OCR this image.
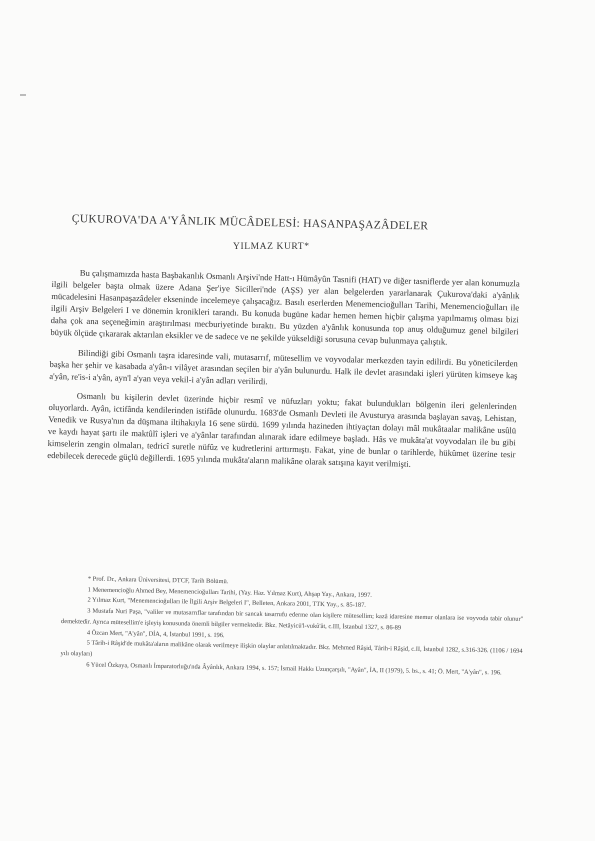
ÇUKUROVA'DA A'YÂNLIK MÜCÂDELESİ: HASANPAŞAZÂDELER
YILMAZ KURT*

Bu çalışmamızda hasta Başbakanlık Osmanlı Arşivi'nde Hatt-ı Hümâyûn Tasnifi (HAT) ve diğer tasniflerde yer alan konumuzla ilgili belgeler başta olmak üzere Adana Şer'iye Sicilleri'nde (AŞS) yer alan belgelerden yararlanarak Çukurova'daki a'yânlık mücadelesini Hasanpaşazâdeler ekseninde incelemeye çalışacağız. Basılı eserlerden Menemencioğulları Tarihi, Menemencioğulları ile ilgili Arşiv Belgeleri I ve dönemin kronikleri tarandı. Bu konuda bugüne kadar hemen hemen hiçbir çalışma yapılmamış olması bizi daha çok ana seçeneğimin araştırılması mecburiyetinde bıraktı. Bu yüzden a'yânlık konusunda top anuş olduğumuz genel bilgileri büyük ölçüde çıkararak aktarılan eksikler ve de sadece ve ne şekilde yükseldiği sorusuna cevap bulunmaya çalıştık.

Bilindiği gibi Osmanlı taşra idaresinde vali, mutasarrıf, mütesellim ve voyvodalar merkezden tayin edilirdi. Bu yöneticilerden başka her şehir ve kasabada a'yân-ı vilâyet arasından seçilen bir a'yân bulunurdu. Halk ile devlet arasındaki işleri yürüten kimseye kaş a'yân, re'is-i a'yân, ayn'l a'yan veya vekil-i a'yân adları verilirdi.

Osmanlı bu kişilerin devlet üzerinde hiçbir resmî ve nüfuzları yoktu; fakat bulundukları bölgenin ileri gelenlerinden oluyorlardı. Ayân, ictifânda kendilerinden istifâde olunurdu. 1683'de Osmanlı Devleti ile Avusturya arasında başlayan savaş, Lehistan, Venedik ve Rusya'nın da düşmana iltihakıyla 16 sene sürdü. 1699 yılında hazineden ihtiyaçtan dolayı mâl mukâtaalar malikâne usûlü ve kaydı hayat şartı ile maktûlî işleri ve a'yânlar tarafından alınarak idare edilmeye başladı. Hâs ve mukâta'at voyvodaları ile bu gibi kimselerin zengin olmaları, tedricî suretle nüfûz ve kudretlerini arttırmıştı. Fakat, yine de bunlar o tarihlerde, hükûmet üzerine tesir edebilecek derecede güçlü değillerdi. 1695 yılında mukâta'aların malikâne olarak satışına kayıt verilmişti.

* Prof. Dr., Ankara Üniversitesi, DTCF, Tarih Bölümü.

1 Menemencioğlu Ahmed Bey, Menemencioğulları Tarihi, (Yay. Haz. Yılmaz Kurt), Ahşap Yay., Ankara, 1997.

2 Yılmaz Kurt, "Menemencioğulları ile İlgili Arşiv Belgeleri I", Belleten, Ankara 2001, TTK Yay., s. 85-187.

3 Mustafa Nuri Paşa, "valiler ve mutasarrıflar tarafından bir sancak tasarrufu ederme olan kişilere mütesellim; kazâ idaresine memur olanlara ise voyvoda tabir olunur" demektedir. Ayrıca mütesellim'e işleyiş konusunda önemli bilgiler vermektedir. Bkz. Netâyicü'l-vukû'ât, c.III, İstanbul 1327, s. 86-89

4 Özcan Mert, "A'yân", DİA, 4, İstanbul 1991, s. 196.

5 Târih-i Râşid'de mukâta'aların malikâne olarak verilmeye ilişkin olaylar anlatılmaktadır. Bkz. Mehmed Râşid, Târih-i Râşid, c.II, İstanbul 1282, s.316-326. (1106 / 1694 yılı olayları)

6 Yücel Özkaya, Osmanlı İmparatorluğu'nda Âyânlık, Ankara 1994, s. 157; İsmail Hakkı Uzunçarşılı, "Ayân", İA, II (1979), 5. bs., s. 41; Ö. Mert, "A'yân", s. 196.
